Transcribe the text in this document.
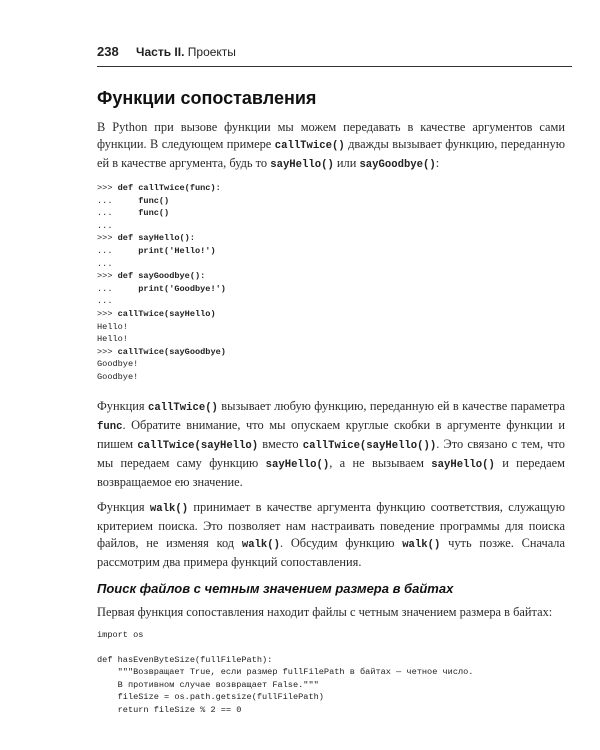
238 Часть II. Проекты
Функции сопоставления

В Python при вызове функции мы можем передавать в качестве аргументов сами функции. В следующем примере callTwice() дважды вызывает функцию, переданную ей в качестве аргумента, будь то sayHello() или sayGoodbye():

>>> def callTwice(func):
...     func()
...     func()
...
>>> def sayHello():
...     print('Hello!')
...
>>> def sayGoodbye():
...     print('Goodbye!')
...
>>> callTwice(sayHello)
Hello!
Hello!
>>> callTwice(sayGoodbye)
Goodbye!
Goodbye!

Функция callTwice() вызывает любую функцию, переданную ей в качестве параметра func. Обратите внимание, что мы опускаем круглые скобки в аргументе функции и пишем callTwice(sayHello) вместо callTwice(sayHello()). Это связано с тем, что мы передаем саму функцию sayHello(), а не вызываем sayHello() и передаем возвращаемое ею значение.

Функция walk() принимает в качестве аргумента функцию соответствия, служащую критерием поиска. Это позволяет нам настраивать поведение программы для поиска файлов, не изменяя код walk(). Обсудим функцию walk() чуть позже. Сначала рассмотрим два примера функций сопоставления.

Поиск файлов с четным значением размера в байтах

Первая функция сопоставления находит файлы с четным значением размера в байтах:

import os
def hasEvenByteSize(fullFilePath):
"""Возвращает True, если размер fullFilePath в байтах — четное число.
В противном случае возвращает False."""
fileSize = os.path.getsize(fullFilePath)
return fileSize % 2 == 0
